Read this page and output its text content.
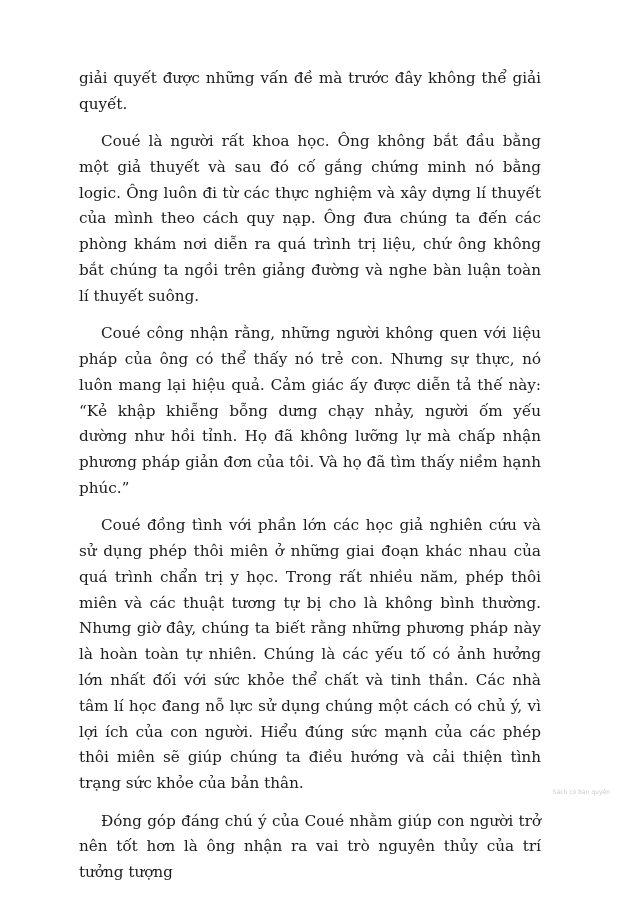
giải quyết được những vấn đề mà trước đây không thể giải quyết.

Coué là người rất khoa học. Ông không bắt đầu bằng một giả thuyết và sau đó cố gắng chứng minh nó bằng logic. Ông luôn đi từ các thực nghiệm và xây dựng lí thuyết của mình theo cách quy nạp. Ông đưa chúng ta đến các phòng khám nơi diễn ra quá trình trị liệu, chứ ông không bắt chúng ta ngồi trên giảng đường và nghe bàn luận toàn lí thuyết suông.

Coué công nhận rằng, những người không quen với liệu pháp của ông có thể thấy nó trẻ con. Nhưng sự thực, nó luôn mang lại hiệu quả. Cảm giác ấy được diễn tả thế này: “Kẻ khập khiễng bỗng dưng chạy nhảy, người ốm yếu dường như hồi tỉnh. Họ đã không lưỡng lự mà chấp nhận phương pháp giản đơn của tôi. Và họ đã tìm thấy niềm hạnh phúc.”

Coué đồng tình với phần lớn các học giả nghiên cứu và sử dụng phép thôi miên ở những giai đoạn khác nhau của quá trình chẩn trị y học. Trong rất nhiều năm, phép thôi miên và các thuật tương tự bị cho là không bình thường. Nhưng giờ đây, chúng ta biết rằng những phương pháp này là hoàn toàn tự nhiên. Chúng là các yếu tố có ảnh hưởng lớn nhất đối với sức khỏe thể chất và tinh thần. Các nhà tâm lí học đang nỗ lực sử dụng chúng một cách có chủ ý, vì lợi ích của con người. Hiểu đúng sức mạnh của các phép thôi miên sẽ giúp chúng ta điều hướng và cải thiện tình trạng sức khỏe của bản thân.

Đóng góp đáng chú ý của Coué nhằm giúp con người trở nên tốt hơn là ông nhận ra vai trò nguyên thủy của trí tưởng tượng

Sách có bản quyền
